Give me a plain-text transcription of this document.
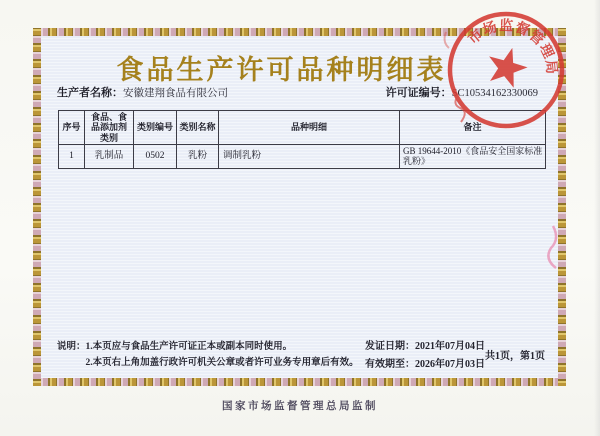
食品生产许可品种明细表
生产者名称：安徽建翔食品有限公司	许可证编号：SC10534162330069
序号	食品、食品添加剂类别	类别编号	类别名称	品种明细	备注
1	乳制品	0502	乳粉	调制乳粉	GB 19644-2010《食品安全国家标准乳粉》
说明： 1.本页应与食品生产许可证正本或副本同时使用。
2.本页右上角加盖行政许可机关公章或者许可业务专用章后有效。
发证日期：2021年07月04日
有效期至：2026年07月03日
共1页，第1页
国家市场监督管理总局监制
市场监督管理局
